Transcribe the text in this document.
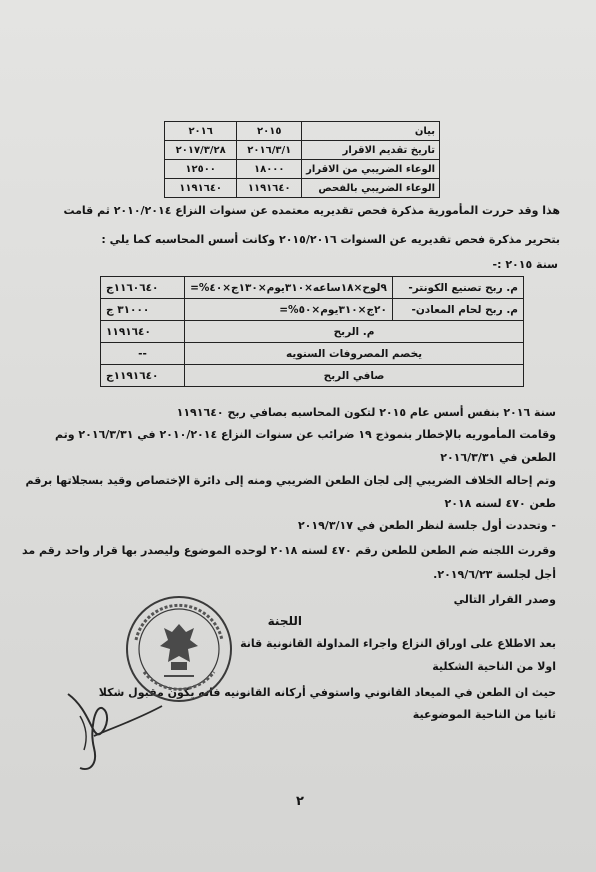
بيان	٢٠١٥	٢٠١٦
تاريخ تقديم الاقرار	٢٠١٦/٣/١	٢٠١٧/٣/٢٨
الوعاء الضريبي من الاقرار	١٨٠٠٠	١٢٥٠٠
الوعاء الضريبي بالفحص	١١٩١٦٤٠	١١٩١٦٤٠
هذا وقد حررت المأمورية مذكرة فحص تقديريه معتمده عن سنوات النزاع ٢٠١٠/٢٠١٤ ثم قامت
بتحرير مذكرة فحص تقديريه عن السنوات ٢٠١٥/٢٠١٦ وكانت أسس المحاسبه كما يلي :
سنة ٢٠١٥ :-
م. ربح تصنيع الكونتر-	٩لوح×١٨ساعه×٣١٠يوم×١٣٠ج×٤٠%=	١١٦٠٦٤٠ج
م. ربح لحام المعادن-	٢٠ج×٣١٠يوم×٥٠%=	٣١٠٠٠ ج
م. الربح		١١٩١٦٤٠
يخصم المصروفات السنويه		--
صافي الربح		١١٩١٦٤٠ج
سنة ٢٠١٦ بنفس أسس عام ٢٠١٥ لتكون المحاسبه بصافي ربح ١١٩١٦٤٠
وقامت المأموريه بالإخطار بنموذج ١٩ ضرائب عن سنوات النزاع ٢٠١٠/٢٠١٤ في ٢٠١٦/٣/٣١ وتم
الطعن في ٢٠١٦/٣/٣١
وتم إحاله الخلاف الضريبي إلى لجان الطعن الضريبي ومنه إلى دائرة الإختصاص وقيد بسجلاتها برقم
طعن ٤٧٠ لسنه ٢٠١٨
- وتحددت أول جلسة لنظر الطعن في ٢٠١٩/٣/١٧
وقررت اللجنه ضم الطعن للطعن رقم ٤٧٠ لسنه ٢٠١٨ لوحده الموضوع وليصدر بها قرار واحد رقم مد
أجل لجلسة ٢٠١٩/٦/٢٣.
وصدر القرار التالي
اللجنة
بعد الاطلاع على اوراق النزاع واجراء المداولة القانونية قانة
اولا من الناحية الشكلية
حيث ان الطعن في الميعاد القانوني واستوفي أركانه القانونيه فانه يكون مقبول شكلا
ثانيا من الناحية الموضوعية
٢
